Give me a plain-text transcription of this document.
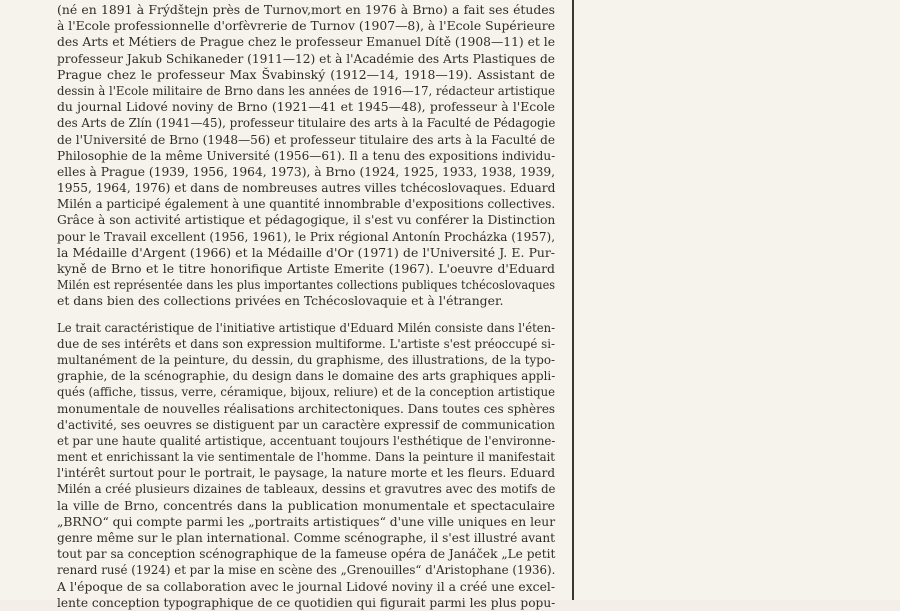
(né en 1891 à Frýdštejn près de Turnov,mort en 1976 à Brno) a fait ses études
à l'Ecole professionnelle d'orfèvrerie de Turnov (1907—8), à l'Ecole Supérieure
des Arts et Métiers de Prague chez le professeur Emanuel Dítě (1908—11) et le
professeur Jakub Schikaneder (1911—12) et à l'Académie des Arts Plastiques de
Prague chez le professeur Max Švabinský (1912—14, 1918—19). Assistant de
dessin à l'Ecole militaire de Brno dans les années de 1916—17, rédacteur artistique
du journal Lidové noviny de Brno (1921—41 et 1945—48), professeur à l'Ecole
des Arts de Zlín (1941—45), professeur titulaire des arts à la Faculté de Pédagogie
de l'Université de Brno (1948—56) et professeur titulaire des arts à la Faculté de
Philosophie de la même Université (1956—61). Il a tenu des expositions individu-
elles à Prague (1939, 1956, 1964, 1973), à Brno (1924, 1925, 1933, 1938, 1939,
1955, 1964, 1976) et dans de nombreuses autres villes tchécoslovaques. Eduard
Milén a participé également à une quantité innombrable d'expositions collectives.
Grâce à son activité artistique et pédagogique, il s'est vu conférer la Distinction
pour le Travail excellent (1956, 1961), le Prix régional Antonín Procházka (1957),
la Médaille d'Argent (1966) et la Médaille d'Or (1971) de l'Université J. E. Pur-
kyně de Brno et le titre honorifique Artiste Emerite (1967). L'oeuvre d'Eduard
Milén est représentée dans les plus importantes collections publiques tchécoslovaques
et dans bien des collections privées en Tchécoslovaquie et à l'étranger.
Le trait caractéristique de l'initiative artistique d'Eduard Milén consiste dans l'éten-
due de ses intérêts et dans son expression multiforme. L'artiste s'est préoccupé si-
multanément de la peinture, du dessin, du graphisme, des illustrations, de la typo-
graphie, de la scénographie, du design dans le domaine des arts graphiques appli-
qués (affiche, tissus, verre, céramique, bijoux, reliure) et de la conception artistique
monumentale de nouvelles réalisations architectoniques. Dans toutes ces sphères
d'activité, ses oeuvres se distiguent par un caractère expressif de communication
et par une haute qualité artistique, accentuant toujours l'esthétique de l'environne-
ment et enrichissant la vie sentimentale de l'homme. Dans la peinture il manifestait
l'intérêt surtout pour le portrait, le paysage, la nature morte et les fleurs. Eduard
Milén a créé plusieurs dizaines de tableaux, dessins et gravutres avec des motifs de
la ville de Brno, concentrés dans la publication monumentale et spectaculaire
„BRNO“ qui compte parmi les „portraits artistiques“ d'une ville uniques en leur
genre même sur le plan international. Comme scénographe, il s'est illustré avant
tout par sa conception scénographique de la fameuse opéra de Janáček „Le petit
renard rusé (1924) et par la mise en scène des „Grenouilles“ d'Aristophane (1936).
A l'époque de sa collaboration avec le journal Lidové noviny il a créé une excel-
lente conception typographique de ce quotidien qui figurait parmi les plus popu-
